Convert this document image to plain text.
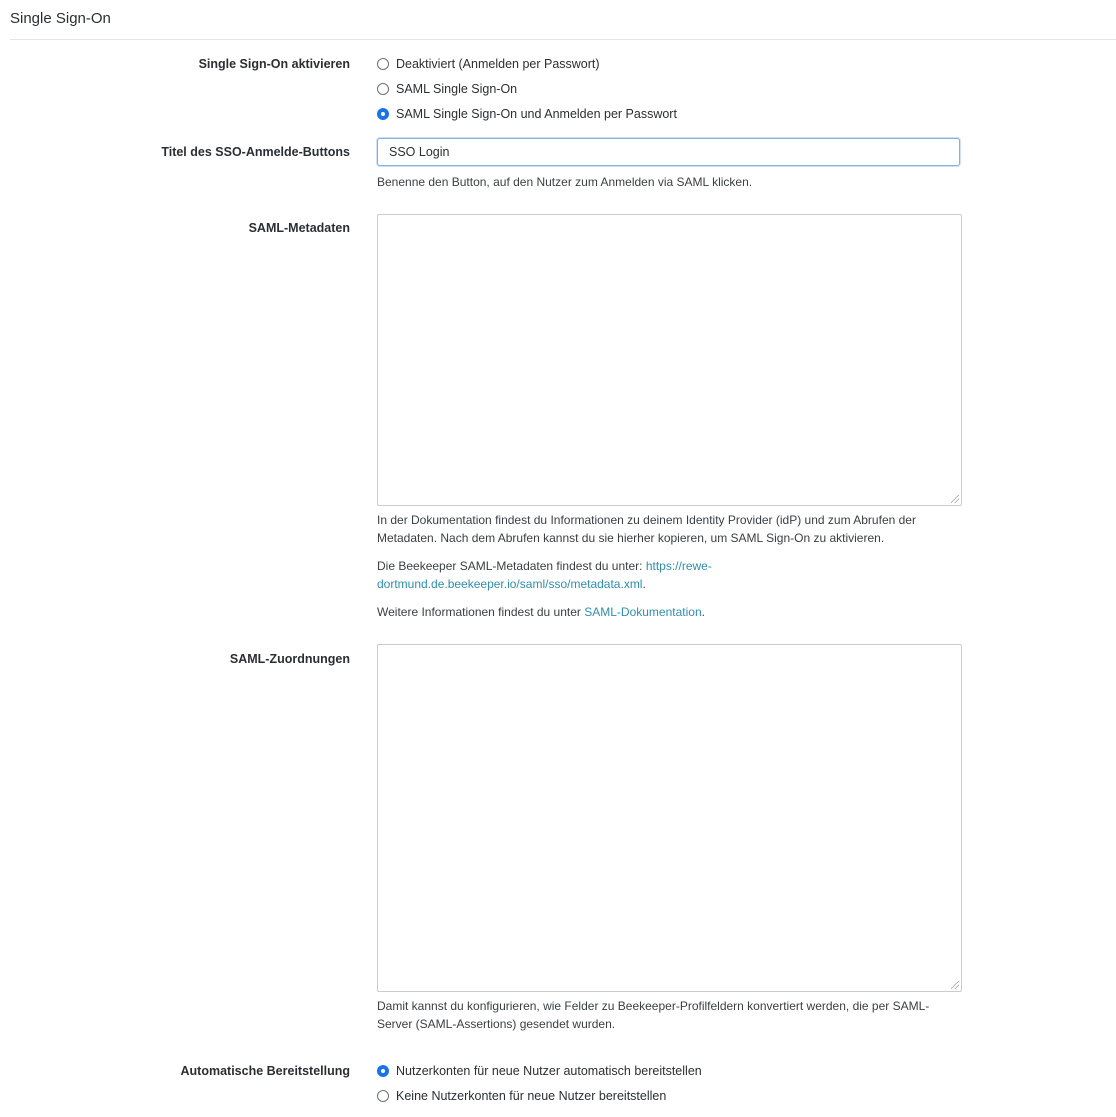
Single Sign-On
Single Sign-On aktivieren	Deaktiviert (Anmelden per Passwort)
SAML Single Sign-On
SAML Single Sign-On und Anmelden per Passwort
Titel des SSO-Anmelde-Buttons	SSO Login
Benenne den Button, auf den Nutzer zum Anmelden via SAML klicken.
SAML-Metadaten
In der Dokumentation findest du Informationen zu deinem Identity Provider (idP) und zum Abrufen der Metadaten. Nach dem Abrufen kannst du sie hierher kopieren, um SAML Sign-On zu aktivieren.
Die Beekeeper SAML-Metadaten findest du unter: https://rewe-dortmund.de.beekeeper.io/saml/sso/metadata.xml.
Weitere Informationen findest du unter SAML-Dokumentation.
SAML-Zuordnungen
Damit kannst du konfigurieren, wie Felder zu Beekeeper-Profilfeldern konvertiert werden, die per SAML-Server (SAML-Assertions) gesendet wurden.
Automatische Bereitstellung	Nutzerkonten für neue Nutzer automatisch bereitstellen
Keine Nutzerkonten für neue Nutzer bereitstellen
